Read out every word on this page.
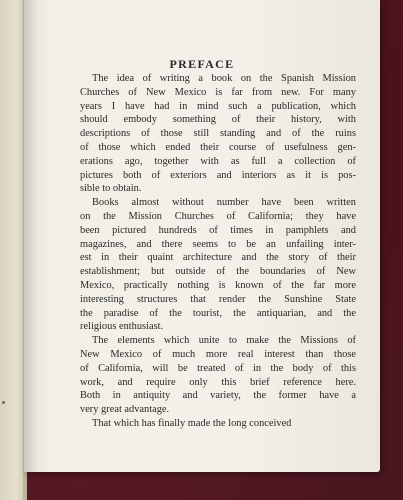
PREFACE

The idea of writing a book on the Spanish Mission
Churches of New Mexico is far from new. For many
years I have had in mind such a publication, which
should embody something of their history, with
descriptions of those still standing and of the ruins
of those which ended their course of usefulness gen-
erations ago, together with as full a collection of
pictures both of exteriors and interiors as it is pos-
sible to obtain.

Books almost without number have been written
on the Mission Churches of California; they have
been pictured hundreds of times in pamphlets and
magazines, and there seems to be an unfailing inter-
est in their quaint architecture and the story of their
establishment; but outside of the boundaries of New
Mexico, practically nothing is known of the far more
interesting structures that render the Sunshine State
the paradise of the tourist, the antiquarian, and the
religious enthusiast.

The elements which unite to make the Missions of
New Mexico of much more real interest than those
of California, will be treated of in the body of this
work, and require only this brief reference here.
Both in antiquity and variety, the former have a
very great advantage.

That which has finally made the long conceived
